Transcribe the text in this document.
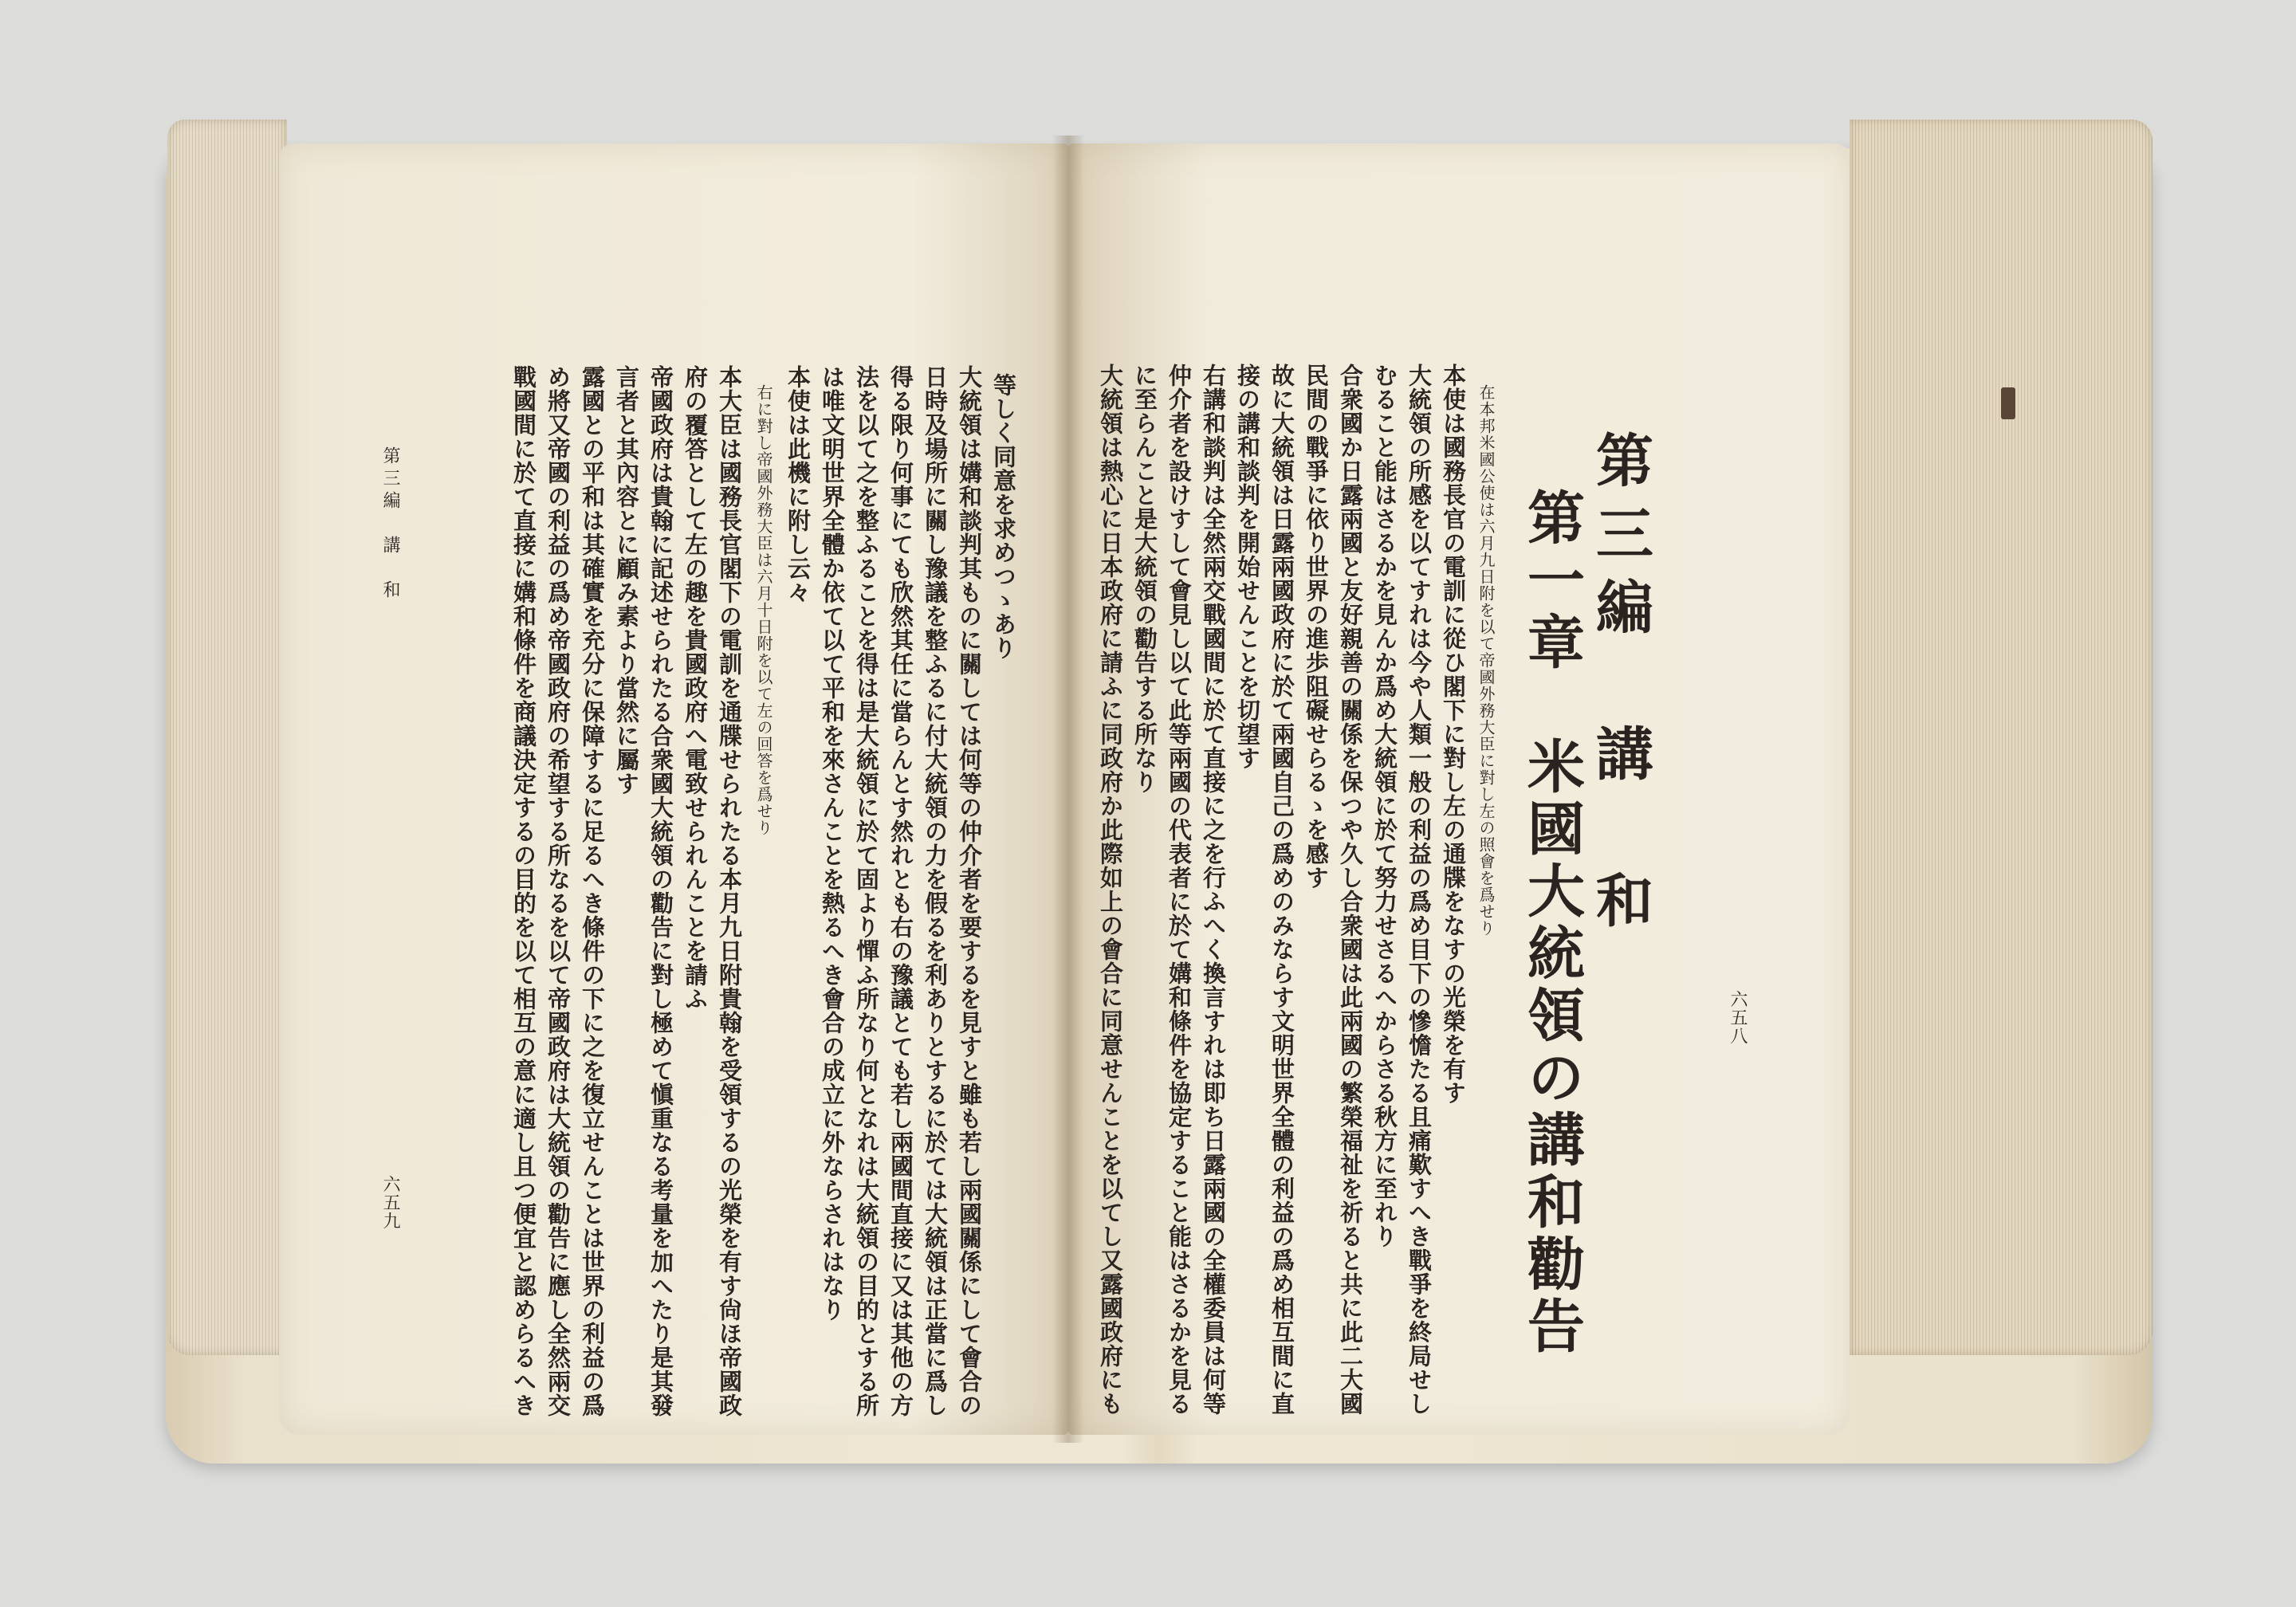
等しく同意を求めつゝあり
大統領は媾和談判其ものに關しては何等の仲介者を要するを見すと雖も若し兩國關係にして會合の
日時及場所に關し豫議を整ふるに付大統領の力を假るを利ありとするに於ては大統領は正當に爲し
得る限り何事にても欣然其任に當らんとす然れとも右の豫議とても若し兩國間直接に又は其他の方
法を以て之を整ふることを得は是大統領に於て固より憚ふ所なり何となれは大統領の目的とする所
は唯文明世界全體か依て以て平和を來さんことを熱るへき會合の成立に外ならされはなり
本使は此機に附し云々
右に對し帝國外務大臣は六月十日附を以て左の回答を爲せり
本大臣は國務長官閣下の電訓を通牒せられたる本月九日附貴翰を受領するの光榮を有す尙ほ帝國政
府の覆答として左の趣を貴國政府へ電致せられんことを請ふ
帝國政府は貴翰に記述せられたる合衆國大統領の勸告に對し極めて愼重なる考量を加へたり是其發
言者と其內容とに顧み素より當然に屬す
露國との平和は其確實を充分に保障するに足るへき條件の下に之を復立せんことは世界の利益の爲
め將又帝國の利益の爲め帝國政府の希望する所なるを以て帝國政府は大統領の勸告に應し全然兩交
戰國間に於て直接に媾和條件を商議決定するの目的を以て相互の意に適し且つ便宜と認めらるへき
第三編　講　和
六五九
六五八
第三編　講　和
第一章　米國大統領の講和勸告
在本邦米國公使は六月九日附を以て帝國外務大臣に對し左の照會を爲せり
本使は國務長官の電訓に從ひ閣下に對し左の通牒をなすの光榮を有す
大統領の所感を以てすれは今や人類一般の利益の爲め目下の慘憺たる且痛歎すへき戰爭を終局せし
むること能はさるかを見んか爲め大統領に於て努力せさるへからさる秋方に至れり
合衆國か日露兩國と友好親善の關係を保つや久し合衆國は此兩國の繁榮福祉を祈ると共に此二大國
民間の戰爭に依り世界の進歩阻礙せらるゝを感す
故に大統領は日露兩國政府に於て兩國自己の爲めのみならす文明世界全體の利益の爲め相互間に直
接の講和談判を開始せんことを切望す
右講和談判は全然兩交戰國間に於て直接に之を行ふへく換言すれは即ち日露兩國の全權委員は何等
仲介者を設けすして會見し以て此等兩國の代表者に於て媾和條件を協定すること能はさるかを見る
に至らんこと是大統領の勸告する所なり
大統領は熱心に日本政府に請ふに同政府か此際如上の會合に同意せんことを以てし又露國政府にも
